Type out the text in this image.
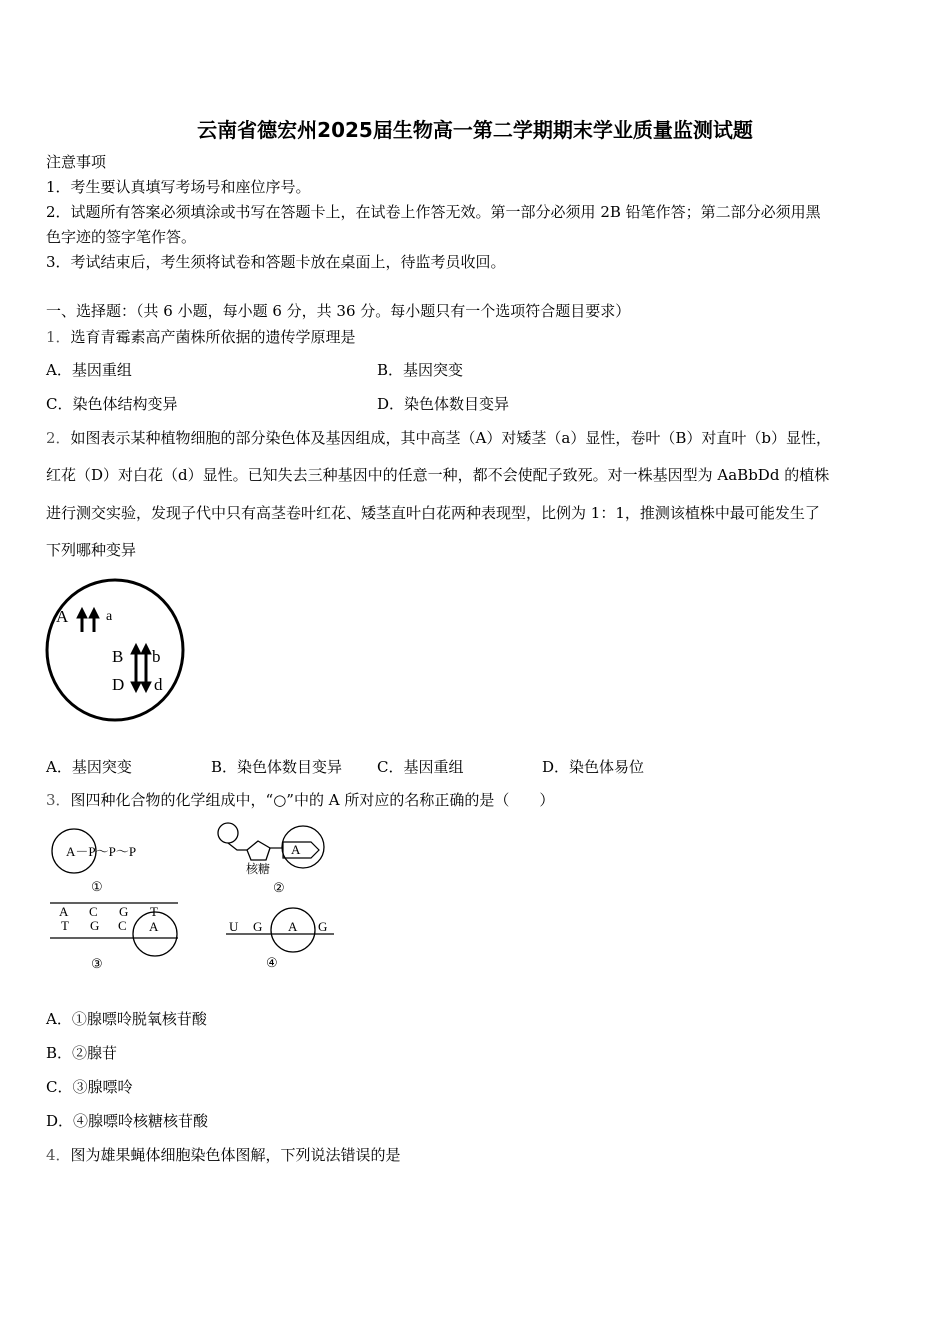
云南省德宏州2025届生物高一第二学期期末学业质量监测试题
注意事项
1．考生要认真填写考场号和座位序号。
2．试题所有答案必须填涂或书写在答题卡上，在试卷上作答无效。第一部分必须用 2B 铅笔作答；第二部分必须用黑
色字迹的签字笔作答。
3．考试结束后，考生须将试卷和答题卡放在桌面上，待监考员收回。
一、选择题：（共 6 小题，每小题 6 分，共 36 分。每小题只有一个选项符合题目要求）
1．选育青霉素高产菌株所依据的遗传学原理是
A．基因重组	B．基因突变
C．染色体结构变异	D．染色体数目变异
2．如图表示某种植物细胞的部分染色体及基因组成，其中高茎（A）对矮茎（a）显性，卷叶（B）对直叶（b）显性，
红花（D）对白花（d）显性。已知失去三种基因中的任意一种，都不会使配子致死。对一株基因型为 AaBbDd 的植株
进行测交实验，发现子代中只有高茎卷叶红花、矮茎直叶白花两种表现型，比例为 1：1，推测该植株中最可能发生了
下列哪种变异
A	a
B b
D d
A．基因突变	B．染色体数目变异 C．基因重组	D．染色体易位
3．图四种化合物的化学组成中，“○”中的 A 所对应的名称正确的是（　　）
A－P～P～P
①
A
核糖
②
A C G T
T G C A
③
U G A G
④
A．①腺嘌呤脱氧核苷酸
B．②腺苷
C．③腺嘌呤
D．④腺嘌呤核糖核苷酸
4．图为雄果蝇体细胞染色体图解，下列说法错误的是
